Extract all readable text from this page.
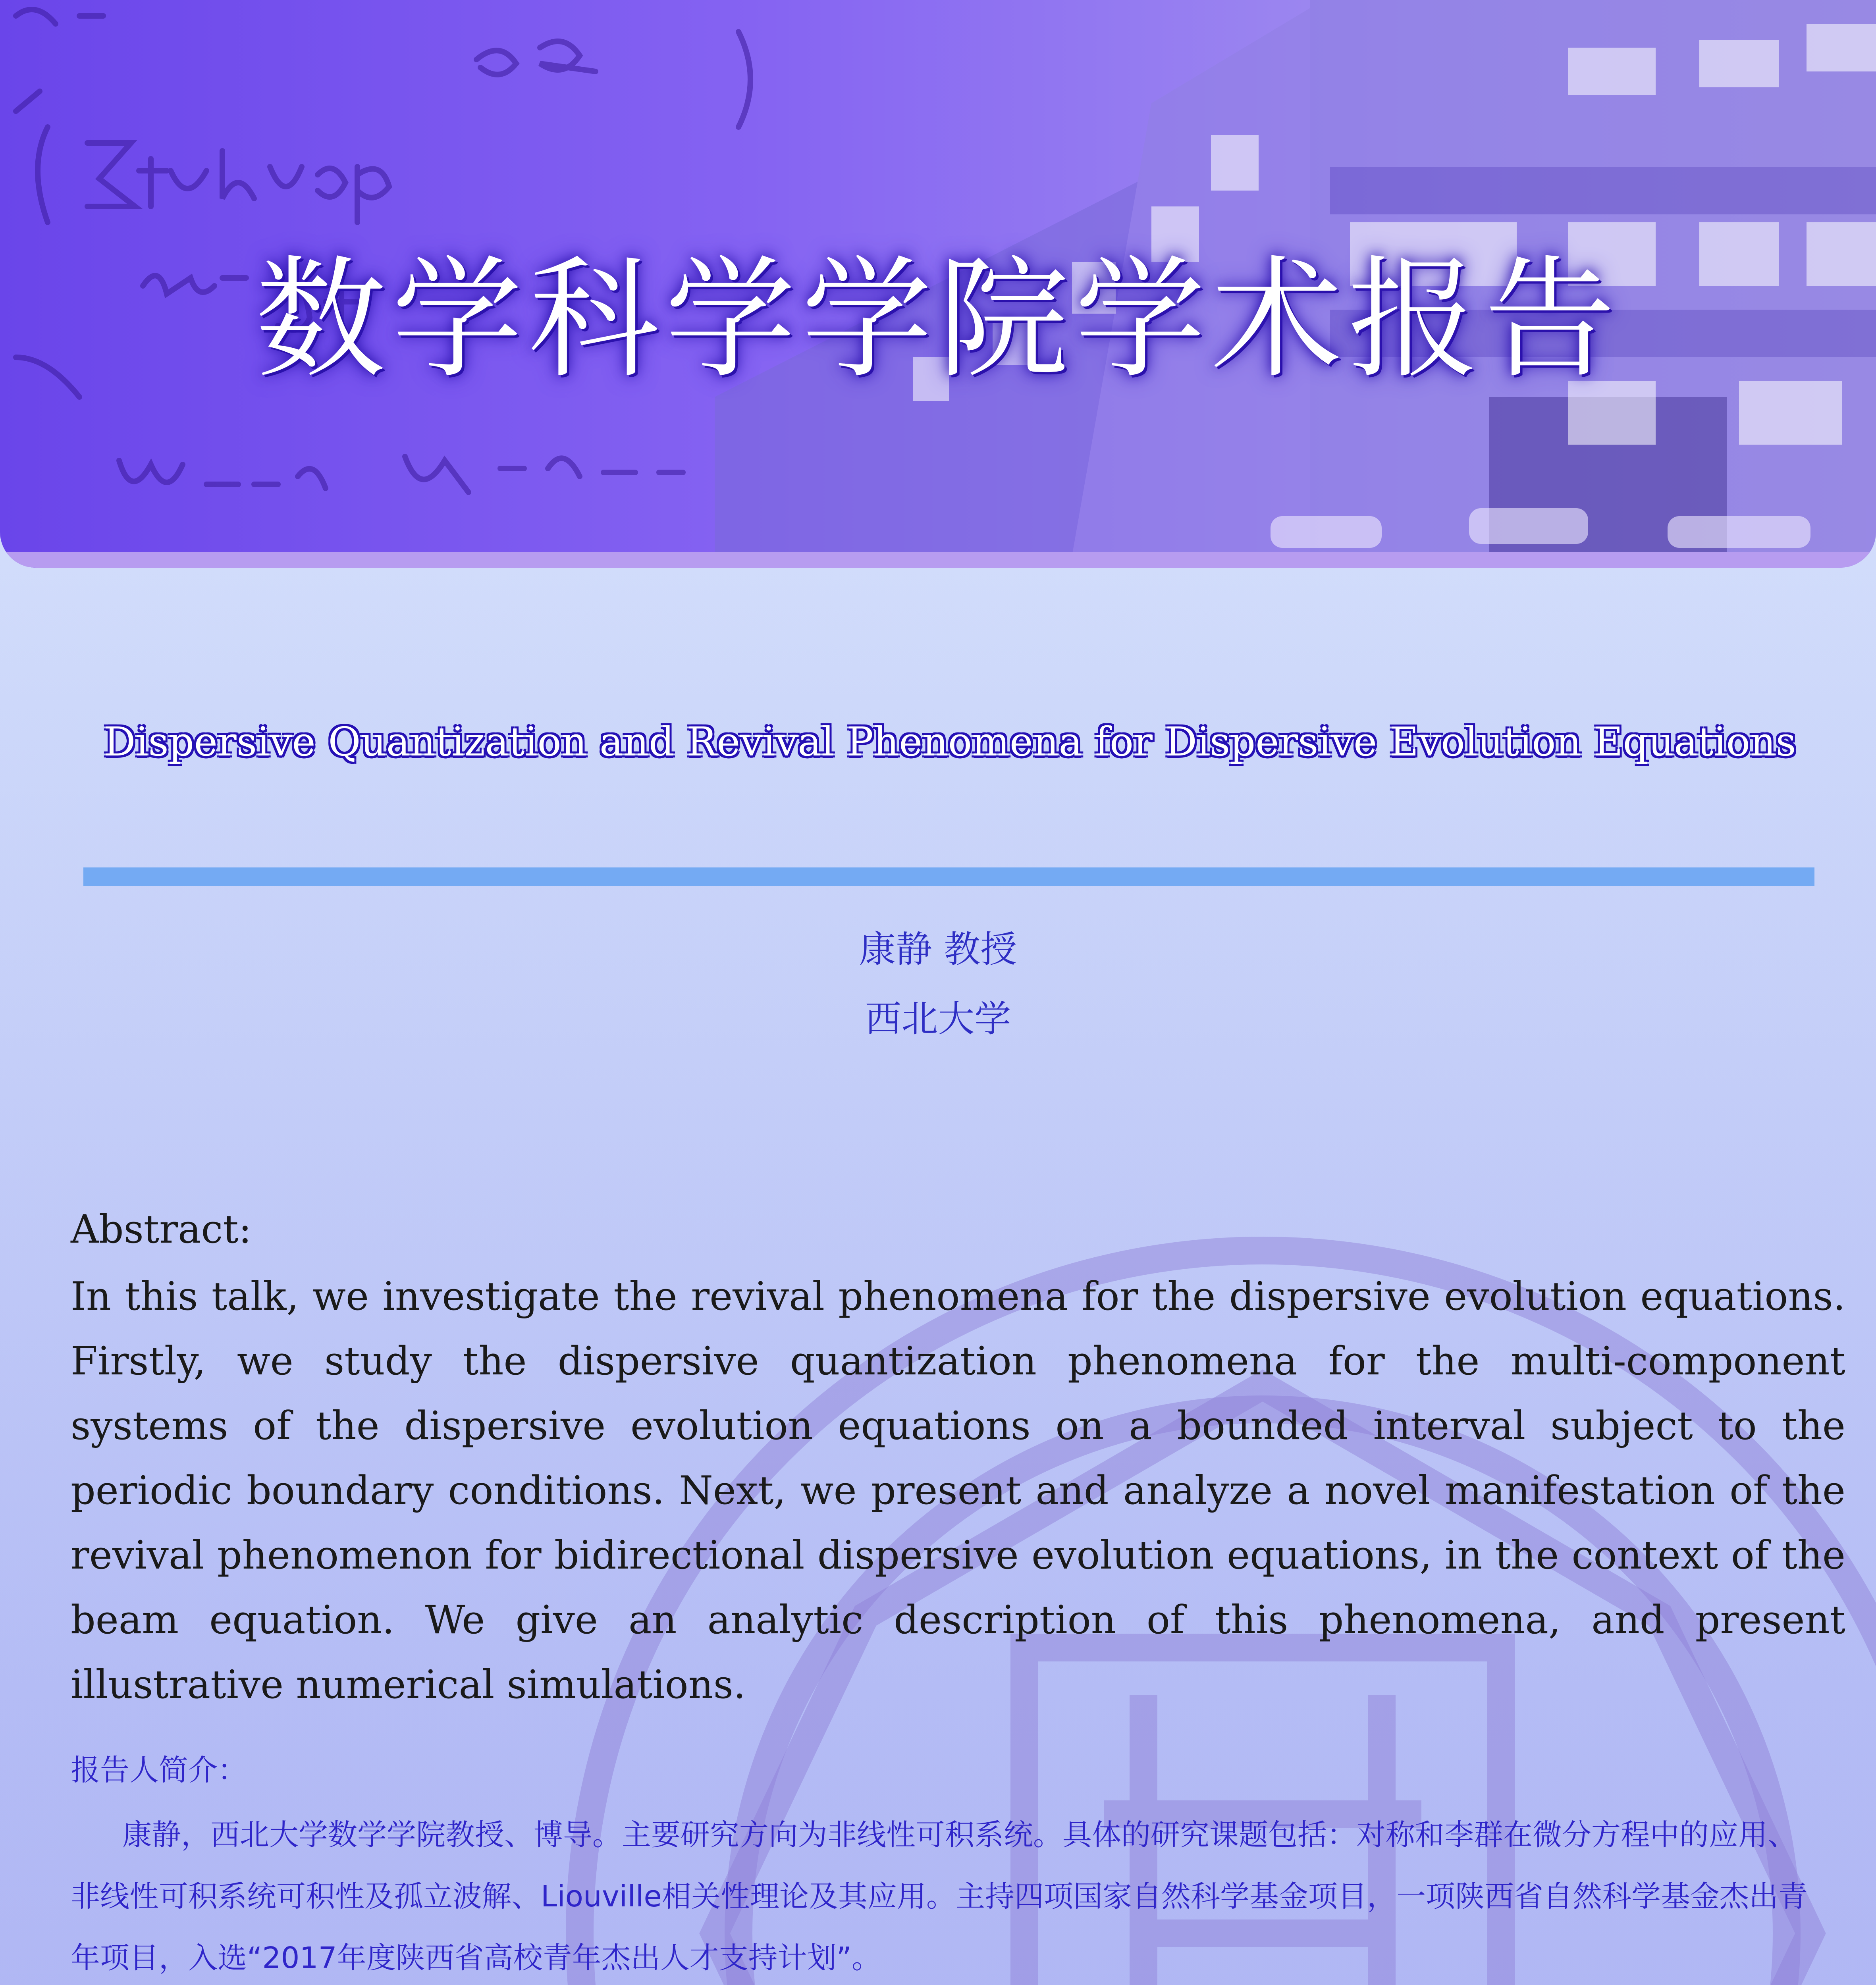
数学科学学院学术报告
Dispersive Quantization and Revival Phenomena for Dispersive Evolution Equations
康静 教授
西北大学
Abstract:

In this talk, we investigate the revival phenomena for the dispersive evolution equations. Firstly, we study the dispersive quantization phenomena for the multi-component systems of the dispersive evolution equations on a bounded interval subject to the periodic boundary conditions. Next, we present and analyze a novel manifestation of the revival phenomenon for bidirectional dispersive evolution equations, in the context of the beam equation. We give an analytic description of this phenomena, and present illustrative numerical simulations.

报告人简介：

康静，西北大学数学学院教授、博导。主要研究方向为非线性可积系统。具体的研究课题包括：对称和李群在微分方程中的应用、非线性可积系统可积性及孤立波解、Liouville相关性理论及其应用。主持四项国家自然科学基金项目，一项陕西省自然科学基金杰出青年项目，入选“2017年度陕西省高校青年杰出人才支持计划”。
